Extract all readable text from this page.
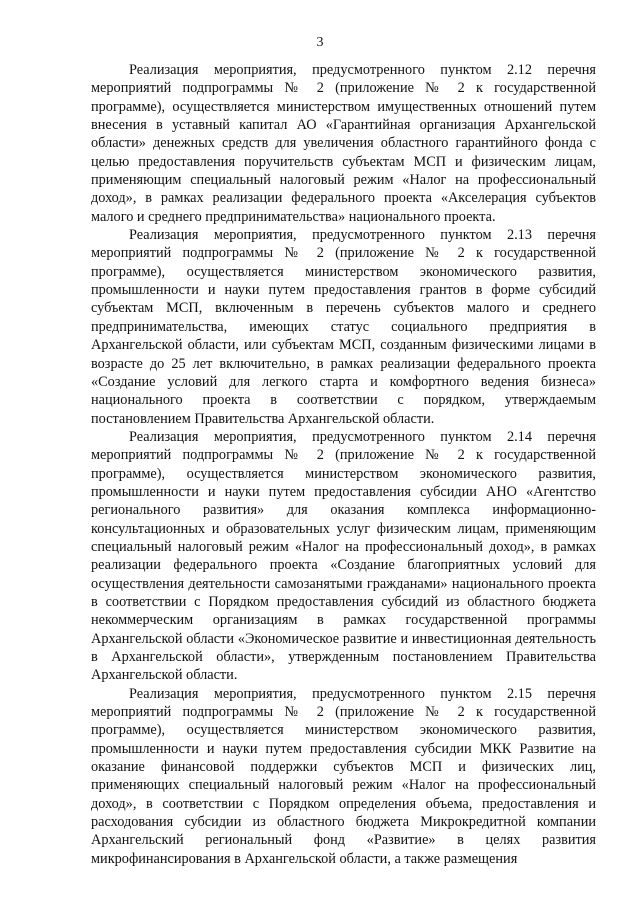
3

Реализация мероприятия, предусмотренного пунктом 2.12 перечня мероприятий подпрограммы № 2 (приложение № 2 к государственной программе), осуществляется министерством имущественных отношений путем внесения в уставный капитал АО «Гарантийная организация Архангельской области» денежных средств для увеличения областного гарантийного фонда с целью предоставления поручительств субъектам МСП и физическим лицам, применяющим специальный налоговый режим «Налог на профессиональный доход», в рамках реализации федерального проекта «Акселерация субъектов малого и среднего предпринимательства» национального проекта.

Реализация мероприятия, предусмотренного пунктом 2.13 перечня мероприятий подпрограммы № 2 (приложение № 2 к государственной программе), осуществляется министерством экономического развития, промышленности и науки путем предоставления грантов в форме субсидий субъектам МСП, включенным в перечень субъектов малого и среднего предпринимательства, имеющих статус социального предприятия в Архангельской области, или субъектам МСП, созданным физическими лицами в возрасте до 25 лет включительно, в рамках реализации федерального проекта «Создание условий для легкого старта и комфортного ведения бизнеса» национального проекта в соответствии с порядком, утверждаемым постановлением Правительства Архангельской области.

Реализация мероприятия, предусмотренного пунктом 2.14 перечня мероприятий подпрограммы № 2 (приложение № 2 к государственной программе), осуществляется министерством экономического развития, промышленности и науки путем предоставления субсидии АНО «Агентство регионального развития» для оказания комплекса информационно-консультационных и образовательных услуг физическим лицам, применяющим специальный налоговый режим «Налог на профессиональный доход», в рамках реализации федерального проекта «Создание благоприятных условий для осуществления деятельности самозанятыми гражданами» национального проекта в соответствии с Порядком предоставления субсидий из областного бюджета некоммерческим организациям в рамках государственной программы Архангельской области «Экономическое развитие и инвестиционная деятельность в Архангельской области», утвержденным постановлением Правительства Архангельской области.

Реализация мероприятия, предусмотренного пунктом 2.15 перечня мероприятий подпрограммы № 2 (приложение № 2 к государственной программе), осуществляется министерством экономического развития, промышленности и науки путем предоставления субсидии МКК Развитие на оказание финансовой поддержки субъектов МСП и физических лиц, применяющих специальный налоговый режим «Налог на профессиональный доход», в соответствии с Порядком определения объема, предоставления и расходования субсидии из областного бюджета Микрокредитной компании Архангельский региональный фонд «Развитие» в целях развития микрофинансирования в Архангельской области, а также размещения
